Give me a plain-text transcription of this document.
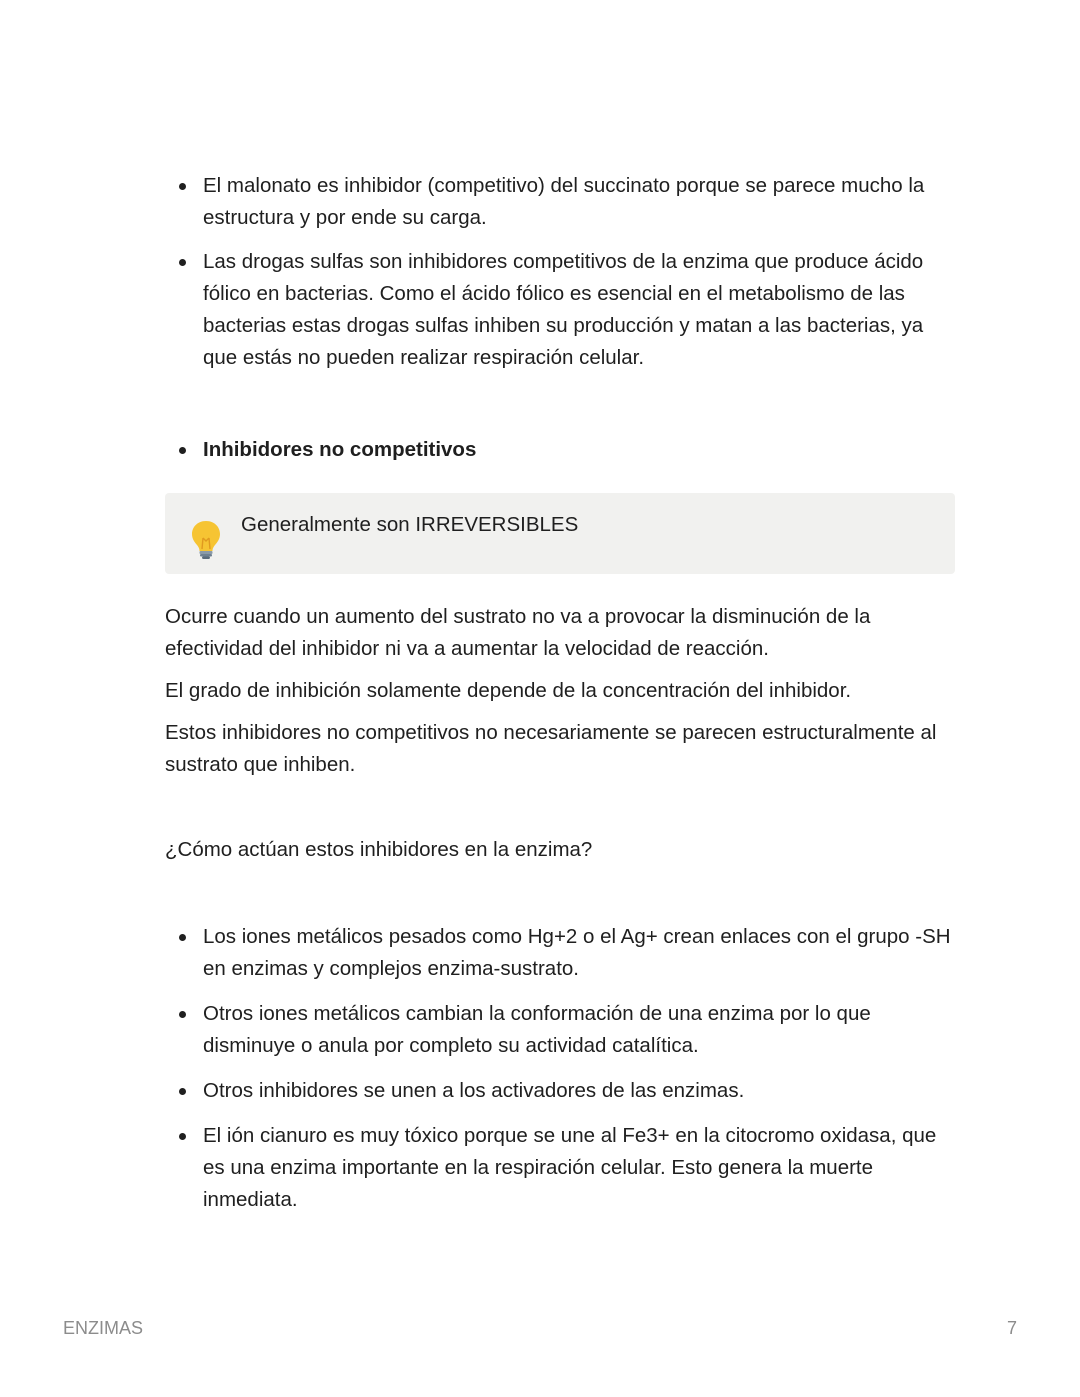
El malonato es inhibidor (competitivo) del succinato porque se parece mucho la estructura y por ende su carga.
Las drogas sulfas son inhibidores competitivos de la enzima que produce ácido fólico en bacterias. Como el ácido fólico es esencial en el metabolismo de las bacterias estas drogas sulfas inhiben su producción y matan a las bacterias, ya que estás no pueden realizar respiración celular.
Inhibidores no competitivos
Generalmente son IRREVERSIBLES

Ocurre cuando un aumento del sustrato no va a provocar la disminución de la efectividad del inhibidor ni va a aumentar la velocidad de reacción.

El grado de inhibición solamente depende de la concentración del inhibidor.

Estos inhibidores no competitivos no necesariamente se parecen estructuralmente al sustrato que inhiben.

¿Cómo actúan estos inhibidores en la enzima?

Los iones metálicos pesados como Hg+2 o el Ag+ crean enlaces con el grupo -SH en enzimas y complejos enzima-sustrato.
Otros iones metálicos cambian la conformación de una enzima por lo que disminuye o anula por completo su actividad catalítica.
Otros inhibidores se unen a los activadores de las enzimas.
El ión cianuro es muy tóxico porque se une al Fe3+ en la citocromo oxidasa, que es una enzima importante en la respiración celular. Esto genera la muerte inmediata.
ENZIMAS	7
